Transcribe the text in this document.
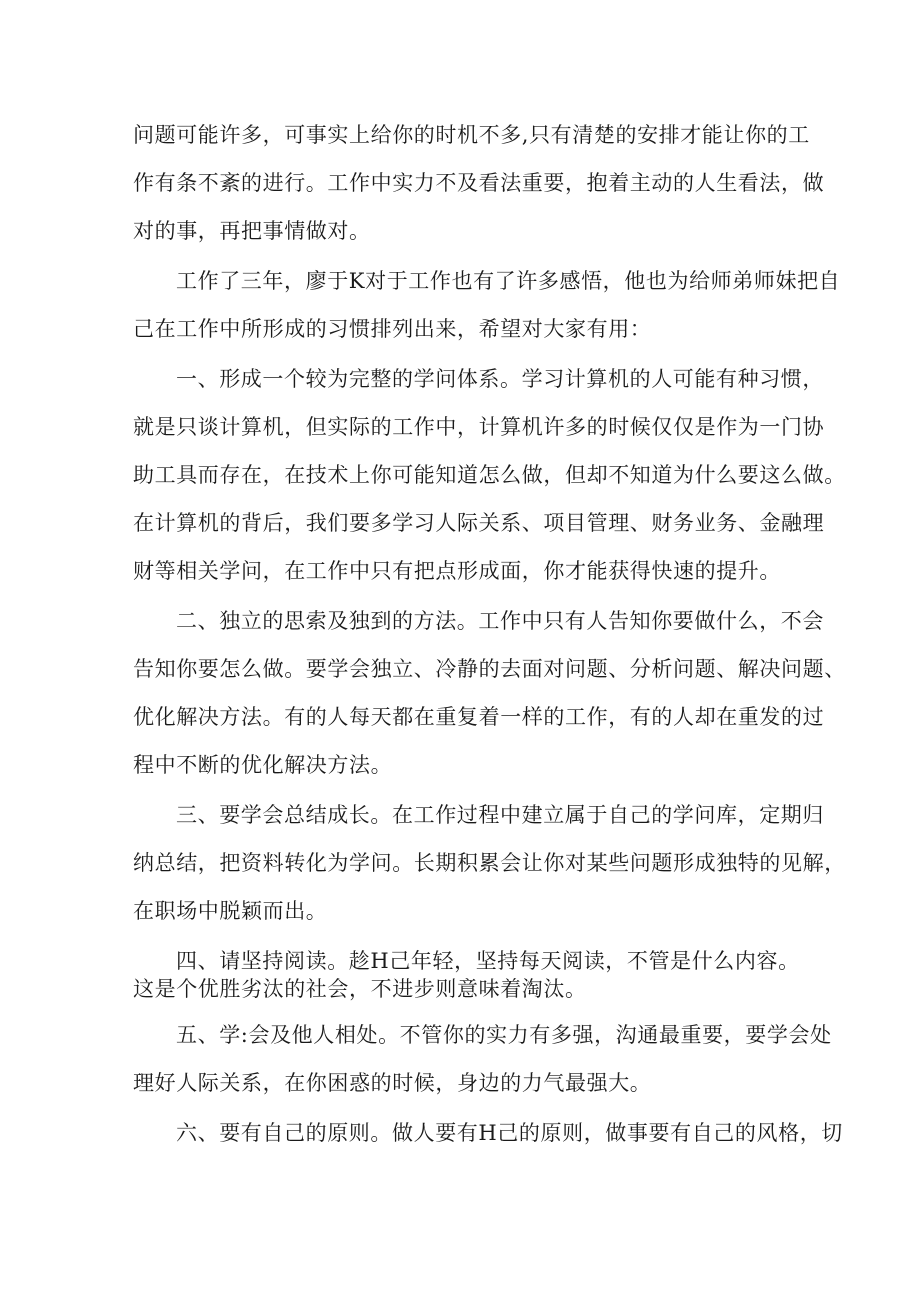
问题可能许多，可事实上给你的时机不多,只有清楚的安排才能让你的工
作有条不紊的进行。工作中实力不及看法重要，抱着主动的人生看法，做
对的事，再把事情做对。
工作了三年，廖于K对于工作也有了许多感悟，他也为给师弟师妹把自
己在工作中所形成的习惯排列出来，希望对大家有用：
一、形成一个较为完整的学问体系。学习计算机的人可能有种习惯，
就是只谈计算机，但实际的工作中，计算机许多的时候仅仅是作为一门协
助工具而存在，在技术上你可能知道怎么做，但却不知道为什么要这么做。
在计算机的背后，我们要多学习人际关系、项目管理、财务业务、金融理
财等相关学问，在工作中只有把点形成面，你才能获得快速的提升。
二、独立的思索及独到的方法。工作中只有人告知你要做什么，不会
告知你要怎么做。要学会独立、冷静的去面对问题、分析问题、解决问题、
优化解决方法。有的人每天都在重复着一样的工作，有的人却在重发的过
程中不断的优化解决方法。
三、要学会总结成长。在工作过程中建立属于自己的学问库，定期归
纳总结，把资料转化为学问。长期积累会让你对某些问题形成独特的见解，
在职场中脱颖而出。
四、请坚持阅读。趁H己年轻，坚持每天阅读，不管是什么内容。
这是个优胜劣汰的社会，不进步则意味着淘汰。
五、学:会及他人相处。不管你的实力有多强，沟通最重要，要学会处
理好人际关系，在你困惑的时候，身边的力气最强大。
六、要有自己的原则。做人要有H己的原则，做事要有自己的风格，切
